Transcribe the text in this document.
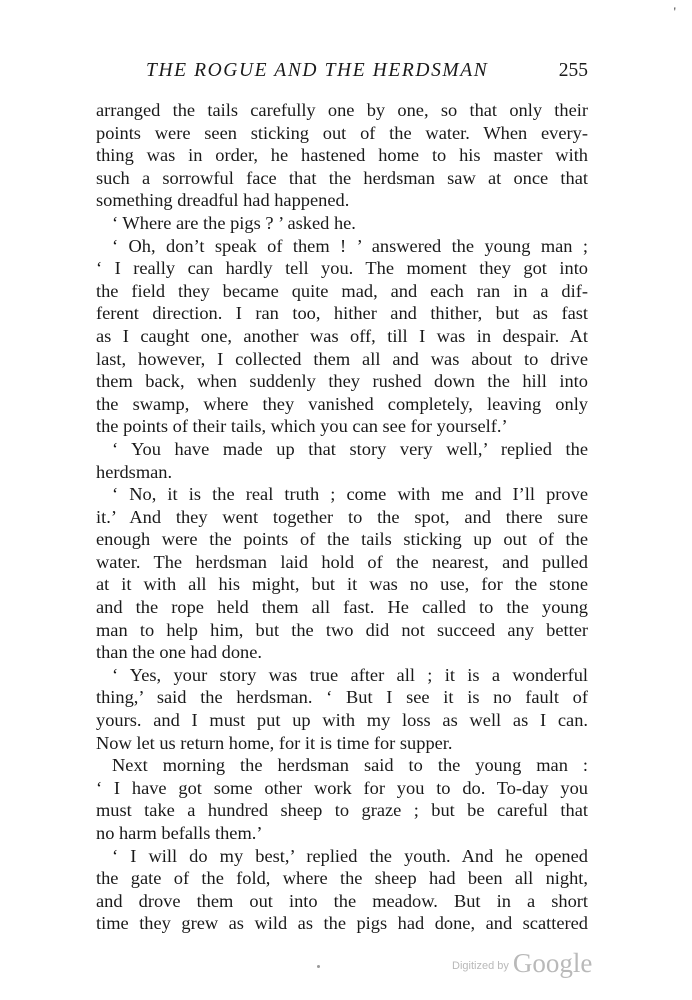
'
THE ROGUE AND THE HERDSMAN	255
arranged the tails carefully one by one, so that only their
points were seen sticking out of the water. When every-
thing was in order, he hastened home to his master with
such a sorrowful face that the herdsman saw at once that
something dreadful had happened.
‘ Where are the pigs ? ’ asked he.
‘ Oh, don’t speak of them ! ’ answered the young man ;
‘ I really can hardly tell you. The moment they got into
the field they became quite mad, and each ran in a dif-
ferent direction. I ran too, hither and thither, but as fast
as I caught one, another was off, till I was in despair. At
last, however, I collected them all and was about to drive
them back, when suddenly they rushed down the hill into
the swamp, where they vanished completely, leaving only
the points of their tails, which you can see for yourself.’
‘ You have made up that story very well,’ replied the
herdsman.
‘ No, it is the real truth ; come with me and I’ll prove
it.’ And they went together to the spot, and there sure
enough were the points of the tails sticking up out of the
water. The herdsman laid hold of the nearest, and pulled
at it with all his might, but it was no use, for the stone
and the rope held them all fast. He called to the young
man to help him, but the two did not succeed any better
than the one had done.
‘ Yes, your story was true after all ; it is a wonderful
thing,’ said the herdsman. ‘ But I see it is no fault of
yours. and I must put up with my loss as well as I can.
Now let us return home, for it is time for supper.
Next morning the herdsman said to the young man :
‘ I have got some other work for you to do. To-day you
must take a hundred sheep to graze ; but be careful that
no harm befalls them.’
‘ I will do my best,’ replied the youth. And he opened
the gate of the fold, where the sheep had been all night,
and drove them out into the meadow. But in a short
time they grew as wild as the pigs had done, and scattered
Digitized by Google
